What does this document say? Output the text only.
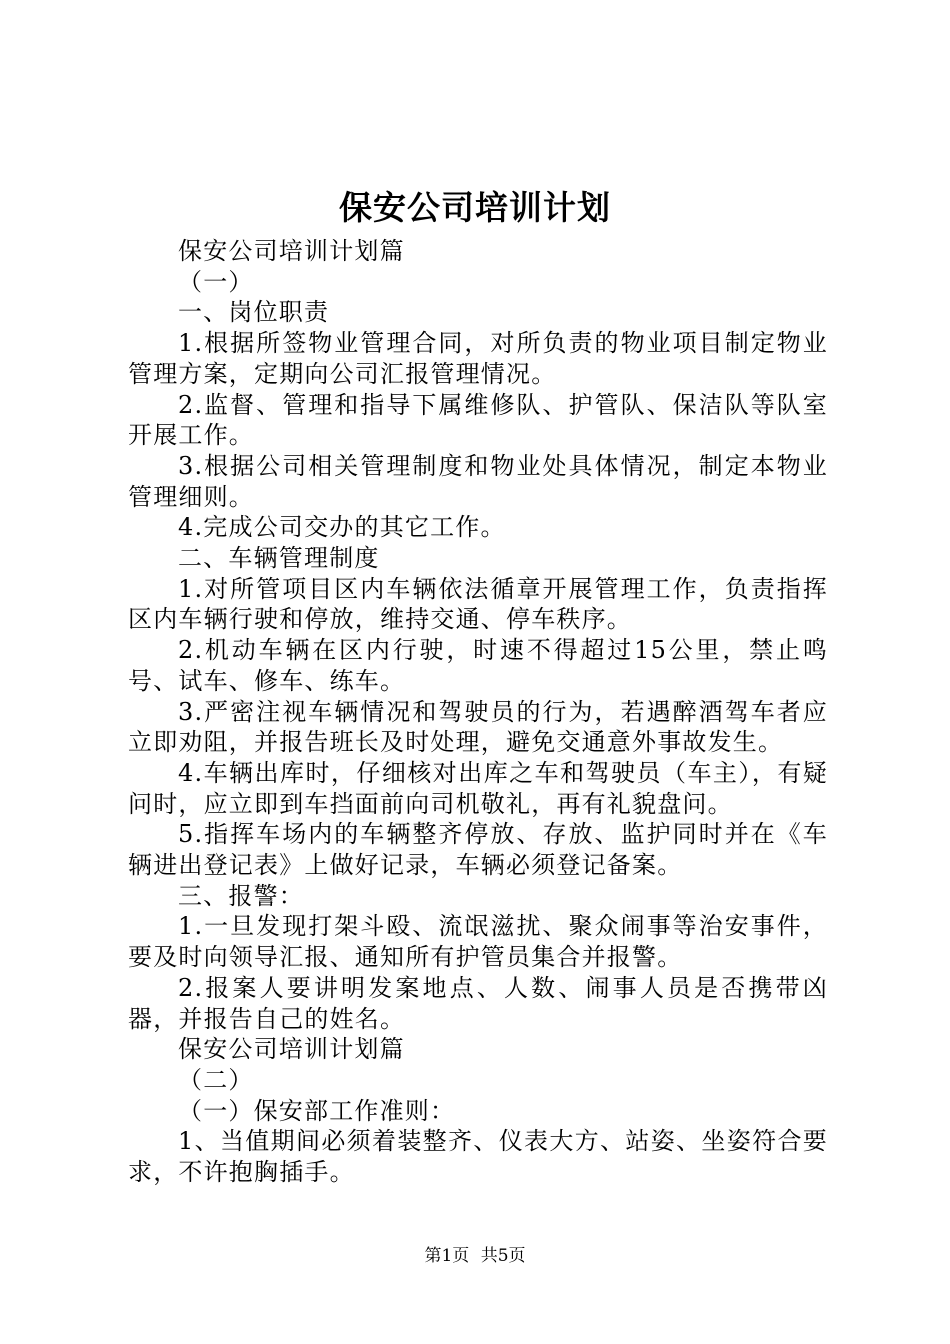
保安公司培训计划

保安公司培训计划篇

（一）

一、岗位职责

1.根据所签物业管理合同，对所负责的物业项目制定物业管理方案，定期向公司汇报管理情况。

2.监督、管理和指导下属维修队、护管队、保洁队等队室开展工作。

3.根据公司相关管理制度和物业处具体情况，制定本物业管理细则。

4.完成公司交办的其它工作。

二、车辆管理制度

1.对所管项目区内车辆依法循章开展管理工作，负责指挥区内车辆行驶和停放，维持交通、停车秩序。

2.机动车辆在区内行驶，时速不得超过15公里，禁止鸣号、试车、修车、练车。

3.严密注视车辆情况和驾驶员的行为，若遇醉酒驾车者应立即劝阻，并报告班长及时处理，避免交通意外事故发生。

4.车辆出库时，仔细核对出库之车和驾驶员（车主），有疑问时，应立即到车挡面前向司机敬礼，再有礼貌盘问。

5.指挥车场内的车辆整齐停放、存放、监护同时并在《车辆进出登记表》上做好记录，车辆必须登记备案。

三、报警：

1.一旦发现打架斗殴、流氓滋扰、聚众闹事等治安事件，要及时向领导汇报、通知所有护管员集合并报警。

2.报案人要讲明发案地点、人数、闹事人员是否携带凶器，并报告自己的姓名。

保安公司培训计划篇

（二）

（一）保安部工作准则：

1、当值期间必须着装整齐、仪表大方、站姿、坐姿符合要求，不许抱胸插手。

第1页 共5页
